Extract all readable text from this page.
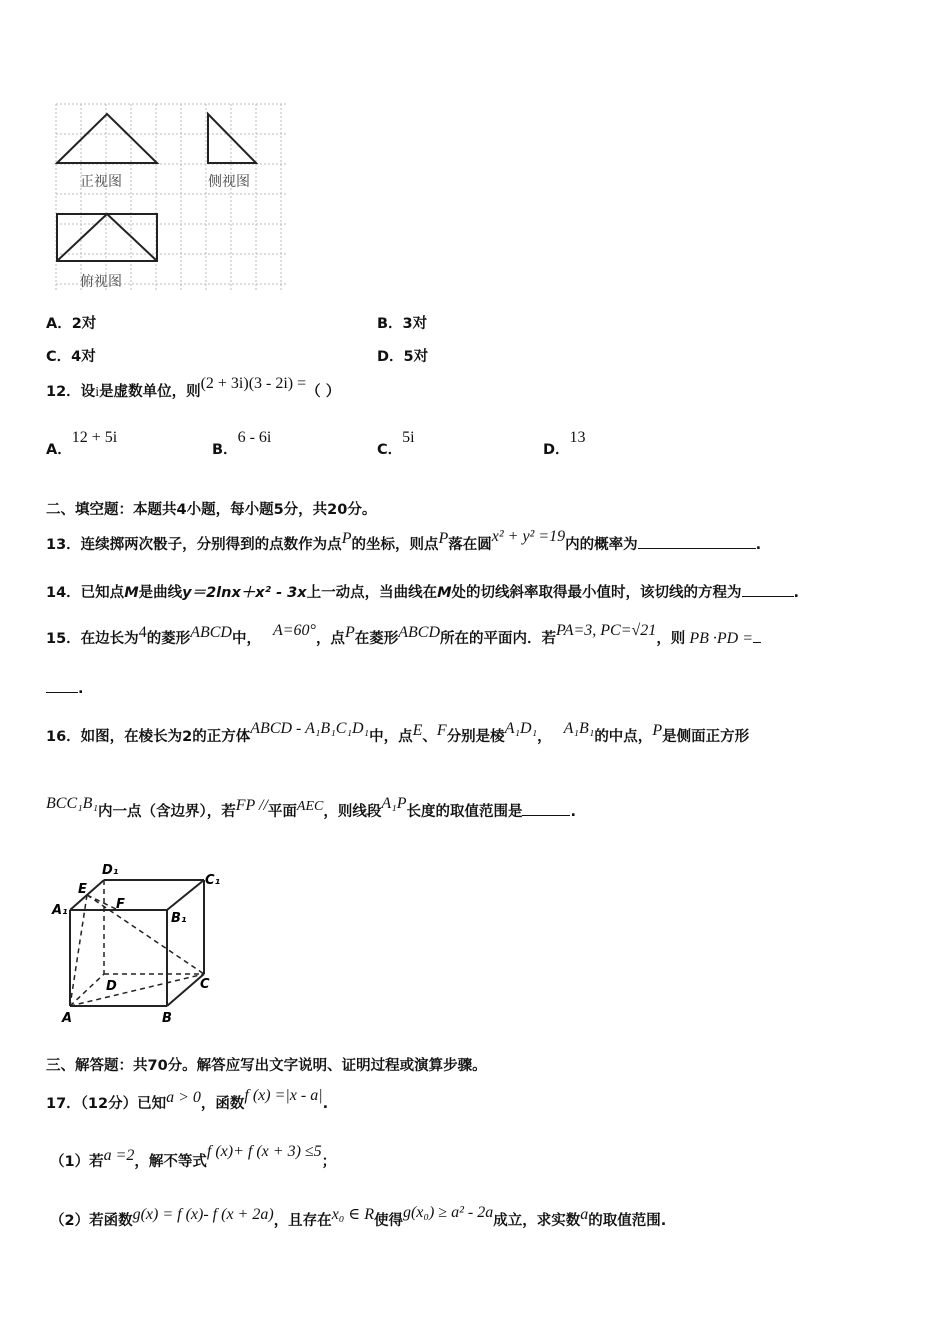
正视图	侧视图
俯视图
A．2对	B．3对
C．4对	D．5对
12．设i是虚数单位，则(2 + 3i)(3 - 2i) =（ ）
A．12 + 5i
B．6 - 6i
C．5i
D．13
二、填空题：本题共4小题，每小题5分，共20分。
13．连续掷两次骰子，分别得到的点数作为点P的坐标，则点P落在圆x² + y² =19内的概率为	.
14．已知点M是曲线y＝2lnx＋x² - 3x上一动点，当曲线在M处的切线斜率取得最小值时，该切线的方程为	.
15．在边长为4的菱形ABCD中， A=60°，点P在菱形ABCD所在的平面内．若PA=3, PC=√21，则 PB ·PD =
.
16．如图，在棱长为2的正方体ABCD - A₁B₁C₁D₁中，点E、F分别是棱A₁D₁， A₁B₁的中点，P是侧面正方形
BCC₁B₁内一点（含边界），若FP //平面AEC，则线段A₁P长度的取值范围是	.
D₁
C₁
A₁
E
F
B₁
D	C
A	B
三、解答题：共70分。解答应写出文字说明、证明过程或演算步骤。
17．（12分）已知a > 0，函数f (x) =|x - a|.
（1）若a =2，解不等式f (x)+ f (x + 3) ≤5；
（2）若函数g(x) = f (x)- f (x + 2a)，且存在x₀ ∈ R使得g(x₀) ≥ a² - 2a成立，求实数a的取值范围.
